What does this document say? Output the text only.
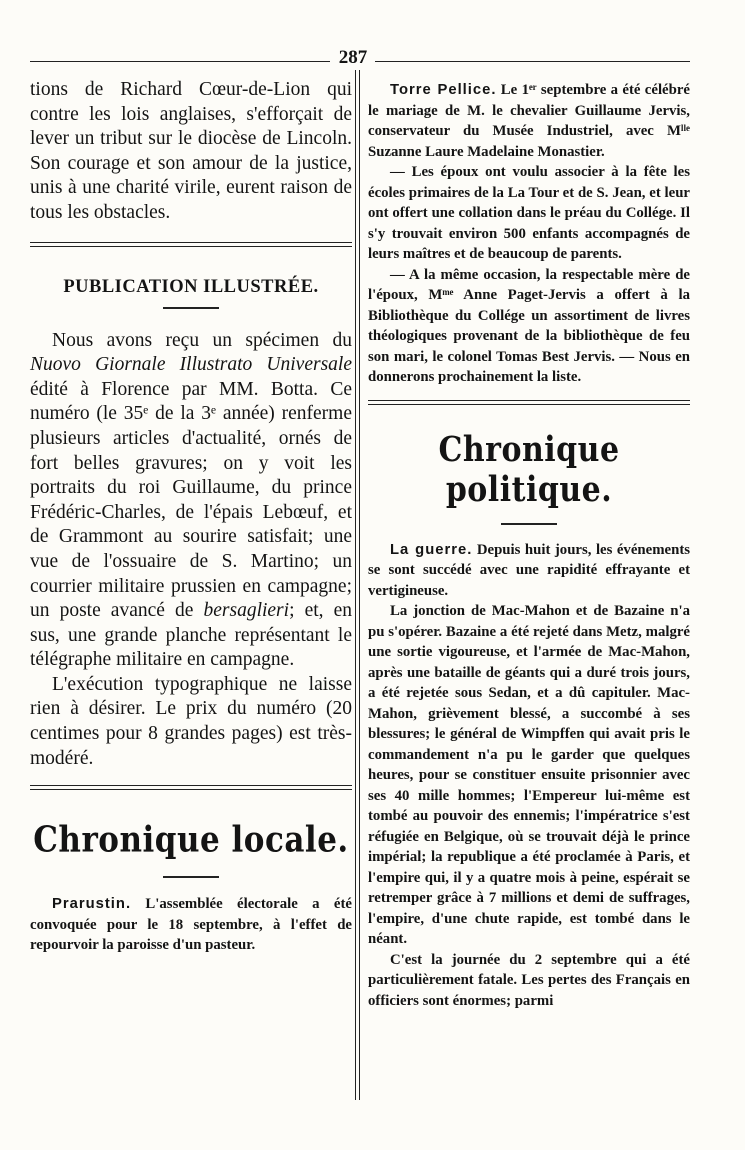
287

tions de Richard Cœur-de-Lion qui contre les lois anglaises, s'efforçait de lever un tribut sur le diocèse de Lincoln. Son courage et son amour de la justice, unis à une charité virile, eurent raison de tous les obstacles.

PUBLICATION ILLUSTRÉE.

Nous avons reçu un spécimen du Nuovo Giornale Illustrato Universale édité à Florence par MM. Botta. Ce numéro (le 35ᵉ de la 3ᵉ année) renferme plusieurs articles d'actualité, ornés de fort belles gravures; on y voit les portraits du roi Guillaume, du prince Frédéric-Charles, de l'épais Lebœuf, et de Grammont au sourire satisfait; une vue de l'ossuaire de S. Martino; un courrier militaire prussien en campagne; un poste avancé de bersaglieri; et, en sus, une grande planche représentant le télégraphe militaire en campagne.

L'exécution typographique ne laisse rien à désirer. Le prix du numéro (20 centimes pour 8 grandes pages) est très-modéré.

Chronique locale.

Prarustin. L'assemblée électorale a été convoquée pour le 18 septembre, à l'effet de repourvoir la paroisse d'un pasteur.

Torre Pellice. Le 1ᵉʳ septembre a été célébré le mariage de M. le chevalier Guillaume Jervis, conservateur du Musée Industriel, avec Mˡˡᵉ Suzanne Laure Madelaine Monastier.

— Les époux ont voulu associer à la fête les écoles primaires de la La Tour et de S. Jean, et leur ont offert une collation dans le préau du Collége. Il s'y trouvait environ 500 enfants accompagnés de leurs maîtres et de beaucoup de parents.

— A la même occasion, la respectable mère de l'époux, Mᵐᵉ Anne Paget-Jervis a offert à la Bibliothèque du Collége un assortiment de livres théologiques provenant de la bibliothèque de feu son mari, le colonel Tomas Best Jervis. — Nous en donnerons prochainement la liste.

Chronique politique.

La guerre. Depuis huit jours, les événements se sont succédé avec une rapidité effrayante et vertigineuse.

La jonction de Mac-Mahon et de Bazaine n'a pu s'opérer. Bazaine a été rejeté dans Metz, malgré une sortie vigoureuse, et l'armée de Mac-Mahon, après une bataille de géants qui a duré trois jours, a été rejetée sous Sedan, et a dû capituler. Mac-Mahon, grièvement blessé, a succombé à ses blessures; le général de Wimpffen qui avait pris le commandement n'a pu le garder que quelques heures, pour se constituer ensuite prisonnier avec ses 40 mille hommes; l'Empereur lui-même est tombé au pouvoir des ennemis; l'impératrice s'est réfugiée en Belgique, où se trouvait déjà le prince impérial; la republique a été proclamée à Paris, et l'empire qui, il y a quatre mois à peine, espérait se retremper grâce à 7 millions et demi de suffrages, l'empire, d'une chute rapide, est tombé dans le néant.

C'est la journée du 2 septembre qui a été particulièrement fatale. Les pertes des Français en officiers sont énormes; parmi
